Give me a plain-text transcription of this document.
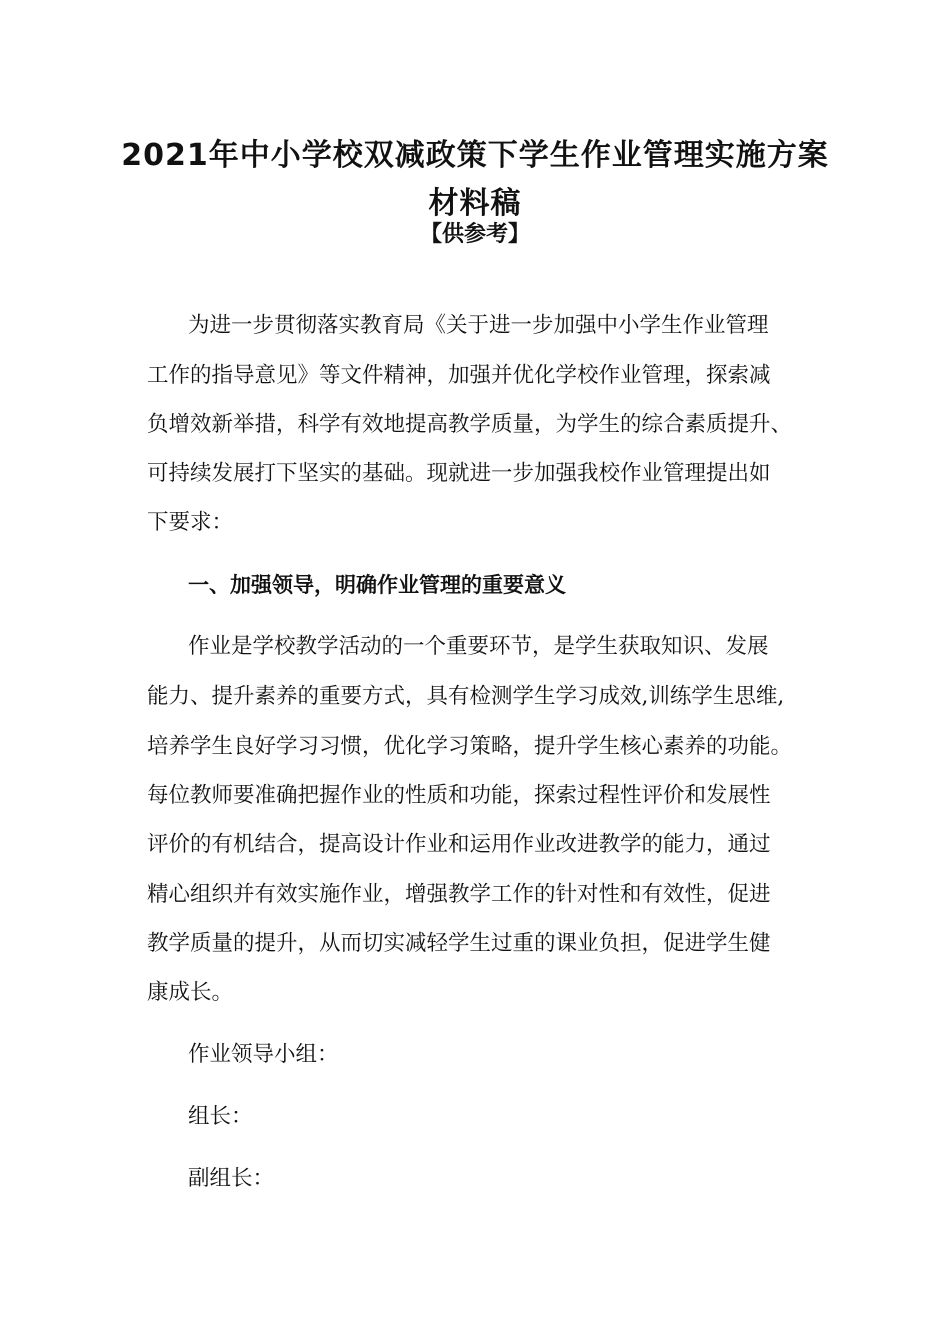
2021年中小学校双减政策下学生作业管理实施方案
材料稿

【供参考】

为进一步贯彻落实教育局《关于进一步加强中小学生作业管理

工作的指导意见》等文件精神，加强并优化学校作业管理，探索减

负增效新举措，科学有效地提高教学质量，为学生的综合素质提升、

可持续发展打下坚实的基础。现就进一步加强我校作业管理提出如

下要求：

一、加强领导，明确作业管理的重要意义

作业是学校教学活动的一个重要环节，是学生获取知识、发展

能力、提升素养的重要方式，具有检测学生学习成效,训练学生思维,

培养学生良好学习习惯，优化学习策略，提升学生核心素养的功能。

每位教师要准确把握作业的性质和功能，探索过程性评价和发展性

评价的有机结合，提高设计作业和运用作业改进教学的能力，通过

精心组织并有效实施作业，增强教学工作的针对性和有效性，促进

教学质量的提升，从而切实减轻学生过重的课业负担，促进学生健

康成长。

作业领导小组：

组长：

副组长：
